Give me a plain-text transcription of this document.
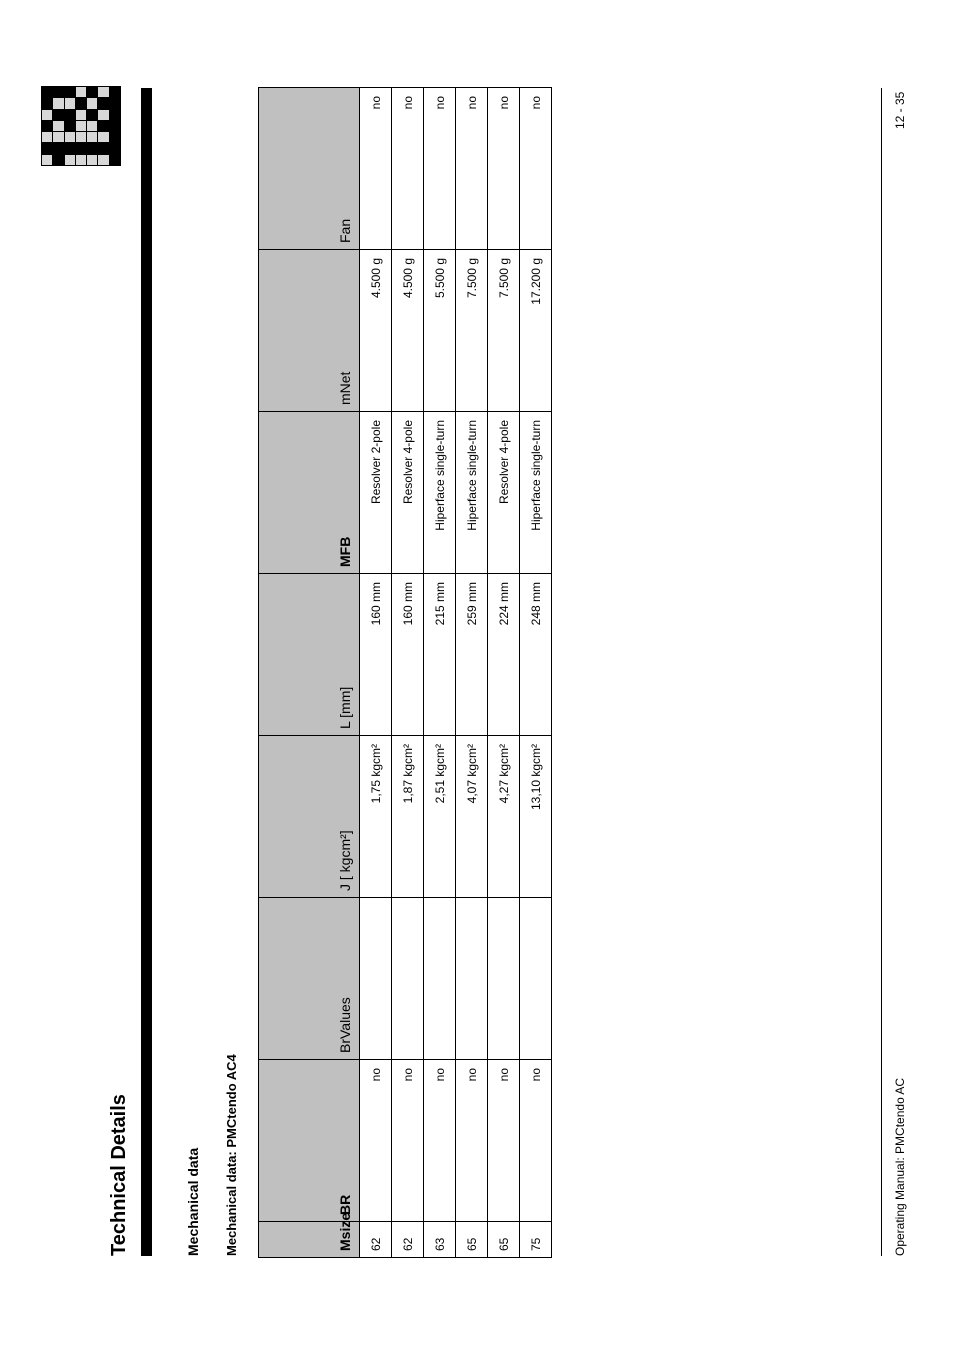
Technical Details	Mechanical data Mechanical data: PMCtendo AC4	Msize	BR	BrValues	J [ kgcm²]	L [mm]	MFB	mNet	Fan
62	no		1,75 kgcm²	160 mm	Resolver 2-pole	4.500 g	no
62	no		1,87 kgcm²	160 mm	Resolver 4-pole	4.500 g	no
63	no		2,51 kgcm²	215 mm	Hiperface single-turn	5.500 g	no
65	no		4,07 kgcm²	259 mm	Hiperface single-turn	7.500 g	no
65	no		4,27 kgcm²	224 mm	Resolver 4-pole	7.500 g	no
75	no		13,10 kgcm²	248 mm	Hiperface single-turn	17.200 g	no
Operating Manual: PMCtendo AC
12 - 35
